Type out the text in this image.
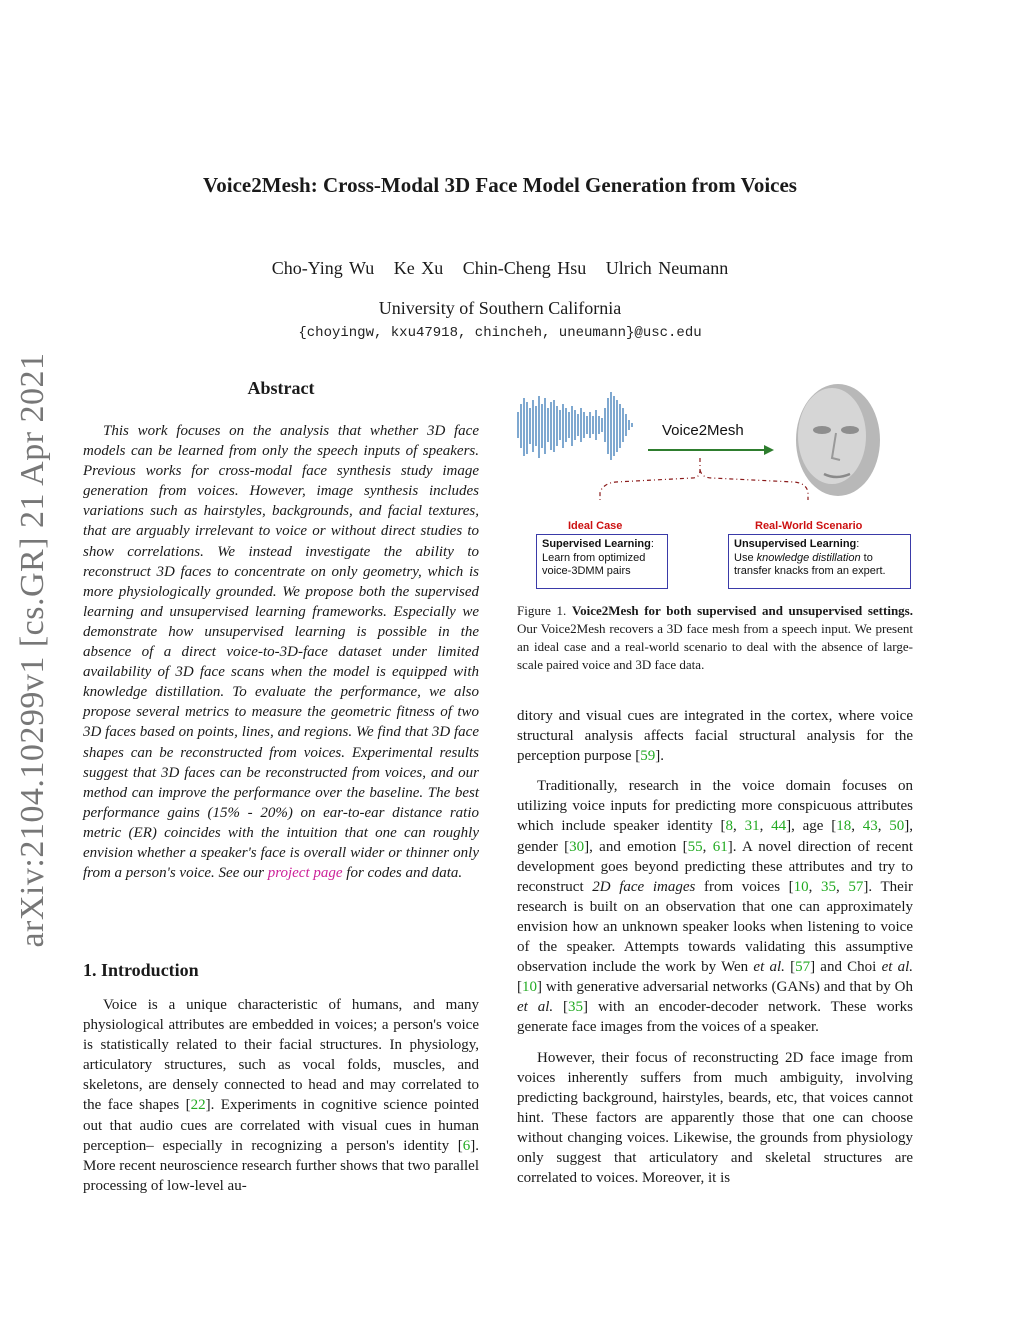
arXiv:2104.10299v1 [cs.GR] 21 Apr 2021
Voice2Mesh: Cross-Modal 3D Face Model Generation from Voices
Cho-Ying Wu   Ke Xu   Chin-Cheng Hsu   Ulrich Neumann
University of Southern California
{choyingw, kxu47918, chincheh, uneumann}@usc.edu
Abstract
This work focuses on the analysis that whether 3D face models can be learned from only the speech inputs of speakers. Previous works for cross-modal face synthesis study image generation from voices. However, image synthesis includes variations such as hairstyles, backgrounds, and facial textures, that are arguably irrelevant to voice or without direct studies to show correlations. We instead investigate the ability to reconstruct 3D faces to concentrate on only geometry, which is more physiologically grounded. We propose both the supervised learning and unsupervised learning frameworks. Especially we demonstrate how unsupervised learning is possible in the absence of a direct voice-to-3D-face dataset under limited availability of 3D face scans when the model is equipped with knowledge distillation. To evaluate the performance, we also propose several metrics to measure the geometric fitness of two 3D faces based on points, lines, and regions. We find that 3D face shapes can be reconstructed from voices. Experimental results suggest that 3D faces can be reconstructed from voices, and our method can improve the performance over the baseline. The best performance gains (15% - 20%) on ear-to-ear distance ratio metric (ER) coincides with the intuition that one can roughly envision whether a speaker's face is overall wider or thinner only from a person's voice. See our project page for codes and data.
1. Introduction

Voice is a unique characteristic of humans, and many physiological attributes are embedded in voices; a person's voice is statistically related to their facial structures. In physiology, articulatory structures, such as vocal folds, muscles, and skeletons, are densely connected to head and may correlated to the face shapes [22]. Experiments in cognitive science pointed out that audio cues are correlated with visual cues in human perception– especially in recognizing a person's identity [6]. More recent neuroscience research further shows that two parallel processing of low-level au-

Voice2Mesh
Ideal Case	Real-World Scenario
Supervised Learning:
Learn from optimized voice-3DMM pairs
Unsupervised Learning:
Use knowledge distillation to transfer knacks from an expert.
Figure 1. Voice2Mesh for both supervised and unsupervised settings. Our Voice2Mesh recovers a 3D face mesh from a speech input. We present an ideal case and a real-world scenario to deal with the absence of large-scale paired voice and 3D face data.

ditory and visual cues are integrated in the cortex, where voice structural analysis affects facial structural analysis for the perception purpose [59].

Traditionally, research in the voice domain focuses on utilizing voice inputs for predicting more conspicuous attributes which include speaker identity [8, 31, 44], age [18, 43, 50], gender [30], and emotion [55, 61]. A novel direction of recent development goes beyond predicting these attributes and try to reconstruct 2D face images from voices [10, 35, 57]. Their research is built on an observation that one can approximately envision how an unknown speaker looks when listening to voice of the speaker. Attempts towards validating this assumptive observation include the work by Wen et al. [57] and Choi et al. [10] with generative adversarial networks (GANs) and that by Oh et al. [35] with an encoder-decoder network. These works generate face images from the voices of a speaker.

However, their focus of reconstructing 2D face image from voices inherently suffers from much ambiguity, involving predicting background, hairstyles, beards, etc, that voices cannot hint. These factors are apparently those that one can choose without changing voices. Likewise, the grounds from physiology only suggest that articulatory and skeletal structures are correlated to voices. Moreover, it is
